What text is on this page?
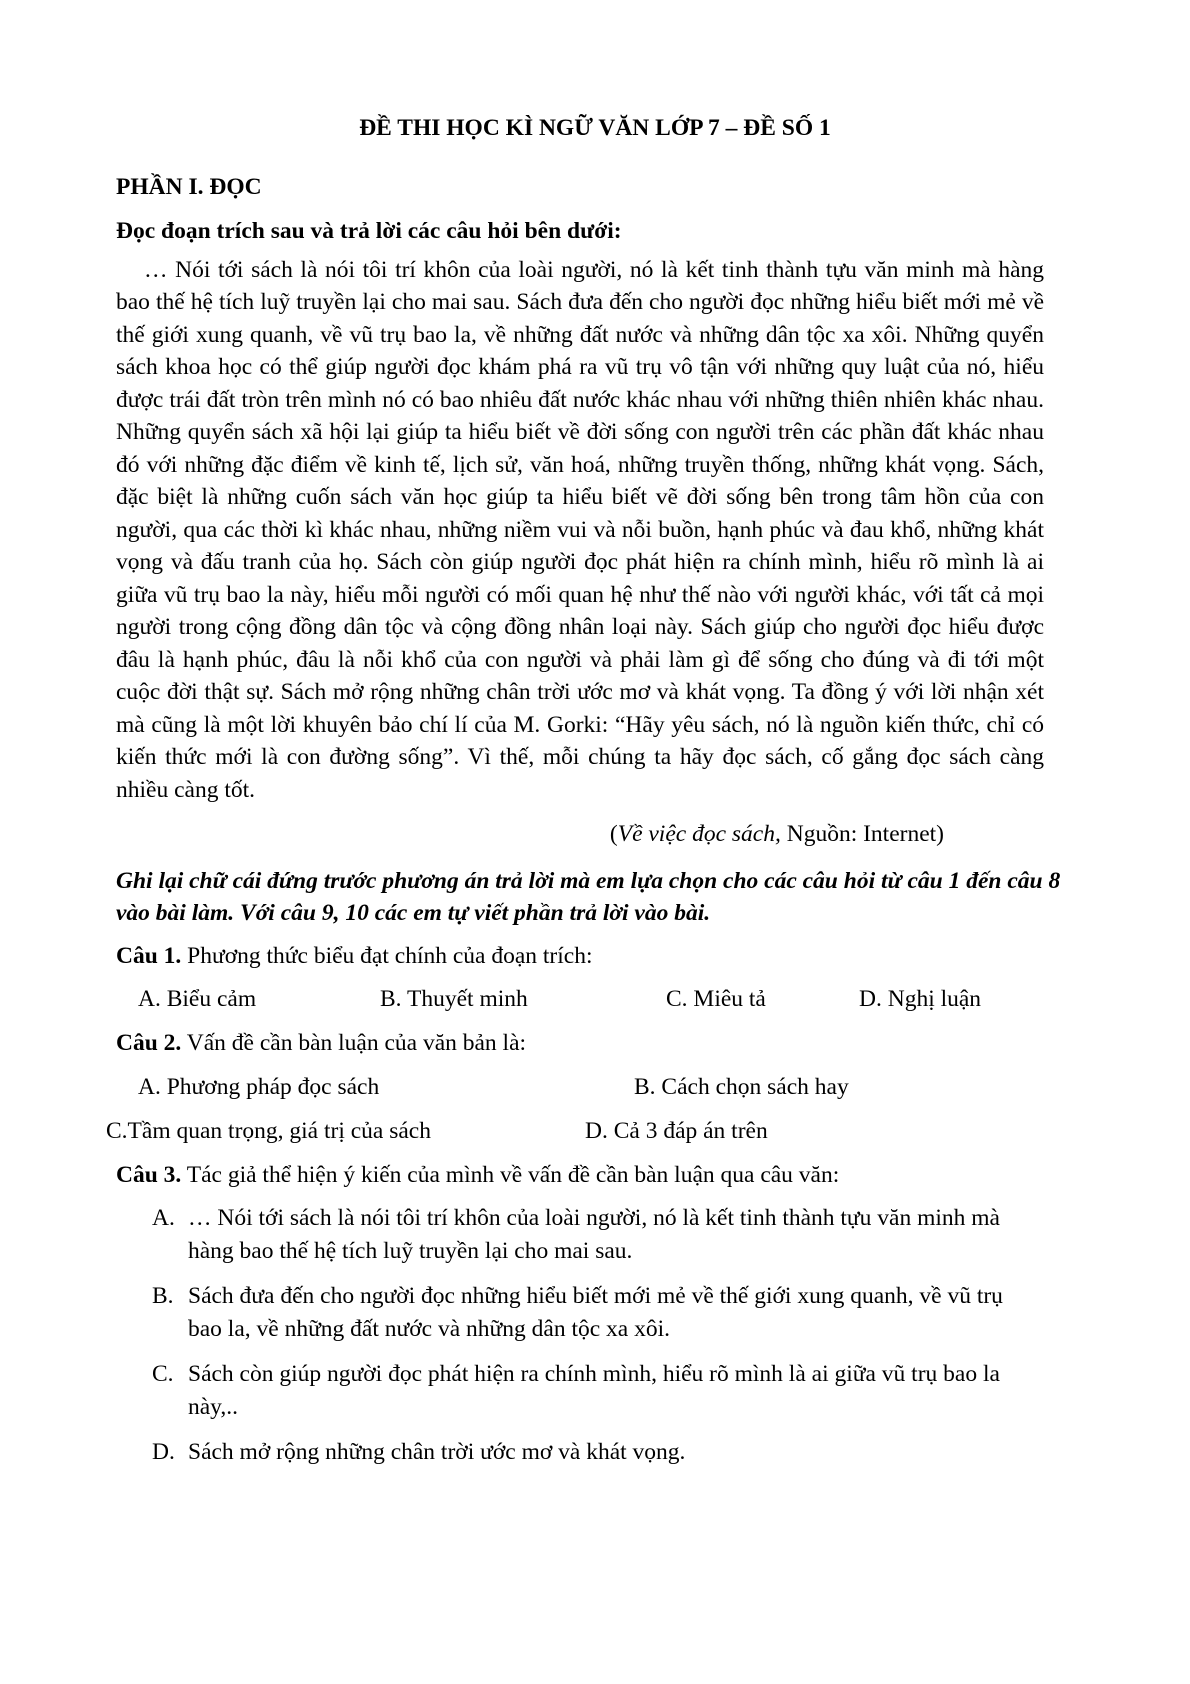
ĐỀ THI HỌC KÌ NGỮ VĂN LỚP 7 – ĐỀ SỐ 1
PHẦN I. ĐỌC
Đọc đoạn trích sau và trả lời các câu hỏi bên dưới:
… Nói tới sách là nói tôi trí khôn của loài người, nó là kết tinh thành tựu văn minh mà hàng bao thế hệ tích luỹ truyền lại cho mai sau. Sách đưa đến cho người đọc những hiểu biết mới mẻ về thế giới xung quanh, về vũ trụ bao la, về những đất nước và những dân tộc xa xôi. Những quyển sách khoa học có thể giúp người đọc khám phá ra vũ trụ vô tận với những quy luật của nó, hiểu được trái đất tròn trên mình nó có bao nhiêu đất nước khác nhau với những thiên nhiên khác nhau. Những quyển sách xã hội lại giúp ta hiểu biết về đời sống con người trên các phần đất khác nhau đó với những đặc điểm về kinh tế, lịch sử, văn hoá, những truyền thống, những khát vọng. Sách, đặc biệt là những cuốn sách văn học giúp ta hiểu biết vẽ đời sống bên trong tâm hồn của con người, qua các thời kì khác nhau, những niềm vui và nỗi buồn, hạnh phúc và đau khổ, những khát vọng và đấu tranh của họ. Sách còn giúp người đọc phát hiện ra chính mình, hiểu rõ mình là ai giữa vũ trụ bao la này, hiểu mỗi người có mối quan hệ như thế nào với người khác, với tất cả mọi người trong cộng đồng dân tộc và cộng đồng nhân loại này. Sách giúp cho người đọc hiểu được đâu là hạnh phúc, đâu là nỗi khổ của con người và phải làm gì để sống cho đúng và đi tới một cuộc đời thật sự. Sách mở rộng những chân trời ước mơ và khát vọng. Ta đồng ý với lời nhận xét mà cũng là một lời khuyên bảo chí lí của M. Gorki: “Hãy yêu sách, nó là nguồn kiến thức, chỉ có kiến thức mới là con đường sống”. Vì thế, mỗi chúng ta hãy đọc sách, cố gắng đọc sách càng nhiều càng tốt.
(Về việc đọc sách, Nguồn: Internet)
Ghi lại chữ cái đứng trước phương án trả lời mà em lựa chọn cho các câu hỏi từ câu 1 đến câu 8 vào bài làm. Với câu 9, 10 các em tự viết phần trả lời vào bài.
Câu 1. Phương thức biểu đạt chính của đoạn trích:
A. Biểu cảm	B. Thuyết minh	C. Miêu tả	D. Nghị luận
Câu 2. Vấn đề cần bàn luận của văn bản là:
A. Phương pháp đọc sách	B. Cách chọn sách hay
C.Tầm quan trọng, giá trị của sách	D. Cả 3 đáp án trên
Câu 3. Tác giả thể hiện ý kiến của mình về vấn đề cần bàn luận qua câu văn:
A. … Nói tới sách là nói tôi trí khôn của loài người, nó là kết tinh thành tựu văn minh mà hàng bao thế hệ tích luỹ truyền lại cho mai sau.
B. Sách đưa đến cho người đọc những hiểu biết mới mẻ về thế giới xung quanh, về vũ trụ bao la, về những đất nước và những dân tộc xa xôi.
C. Sách còn giúp người đọc phát hiện ra chính mình, hiểu rõ mình là ai giữa vũ trụ bao la này,..
D. Sách mở rộng những chân trời ước mơ và khát vọng.
